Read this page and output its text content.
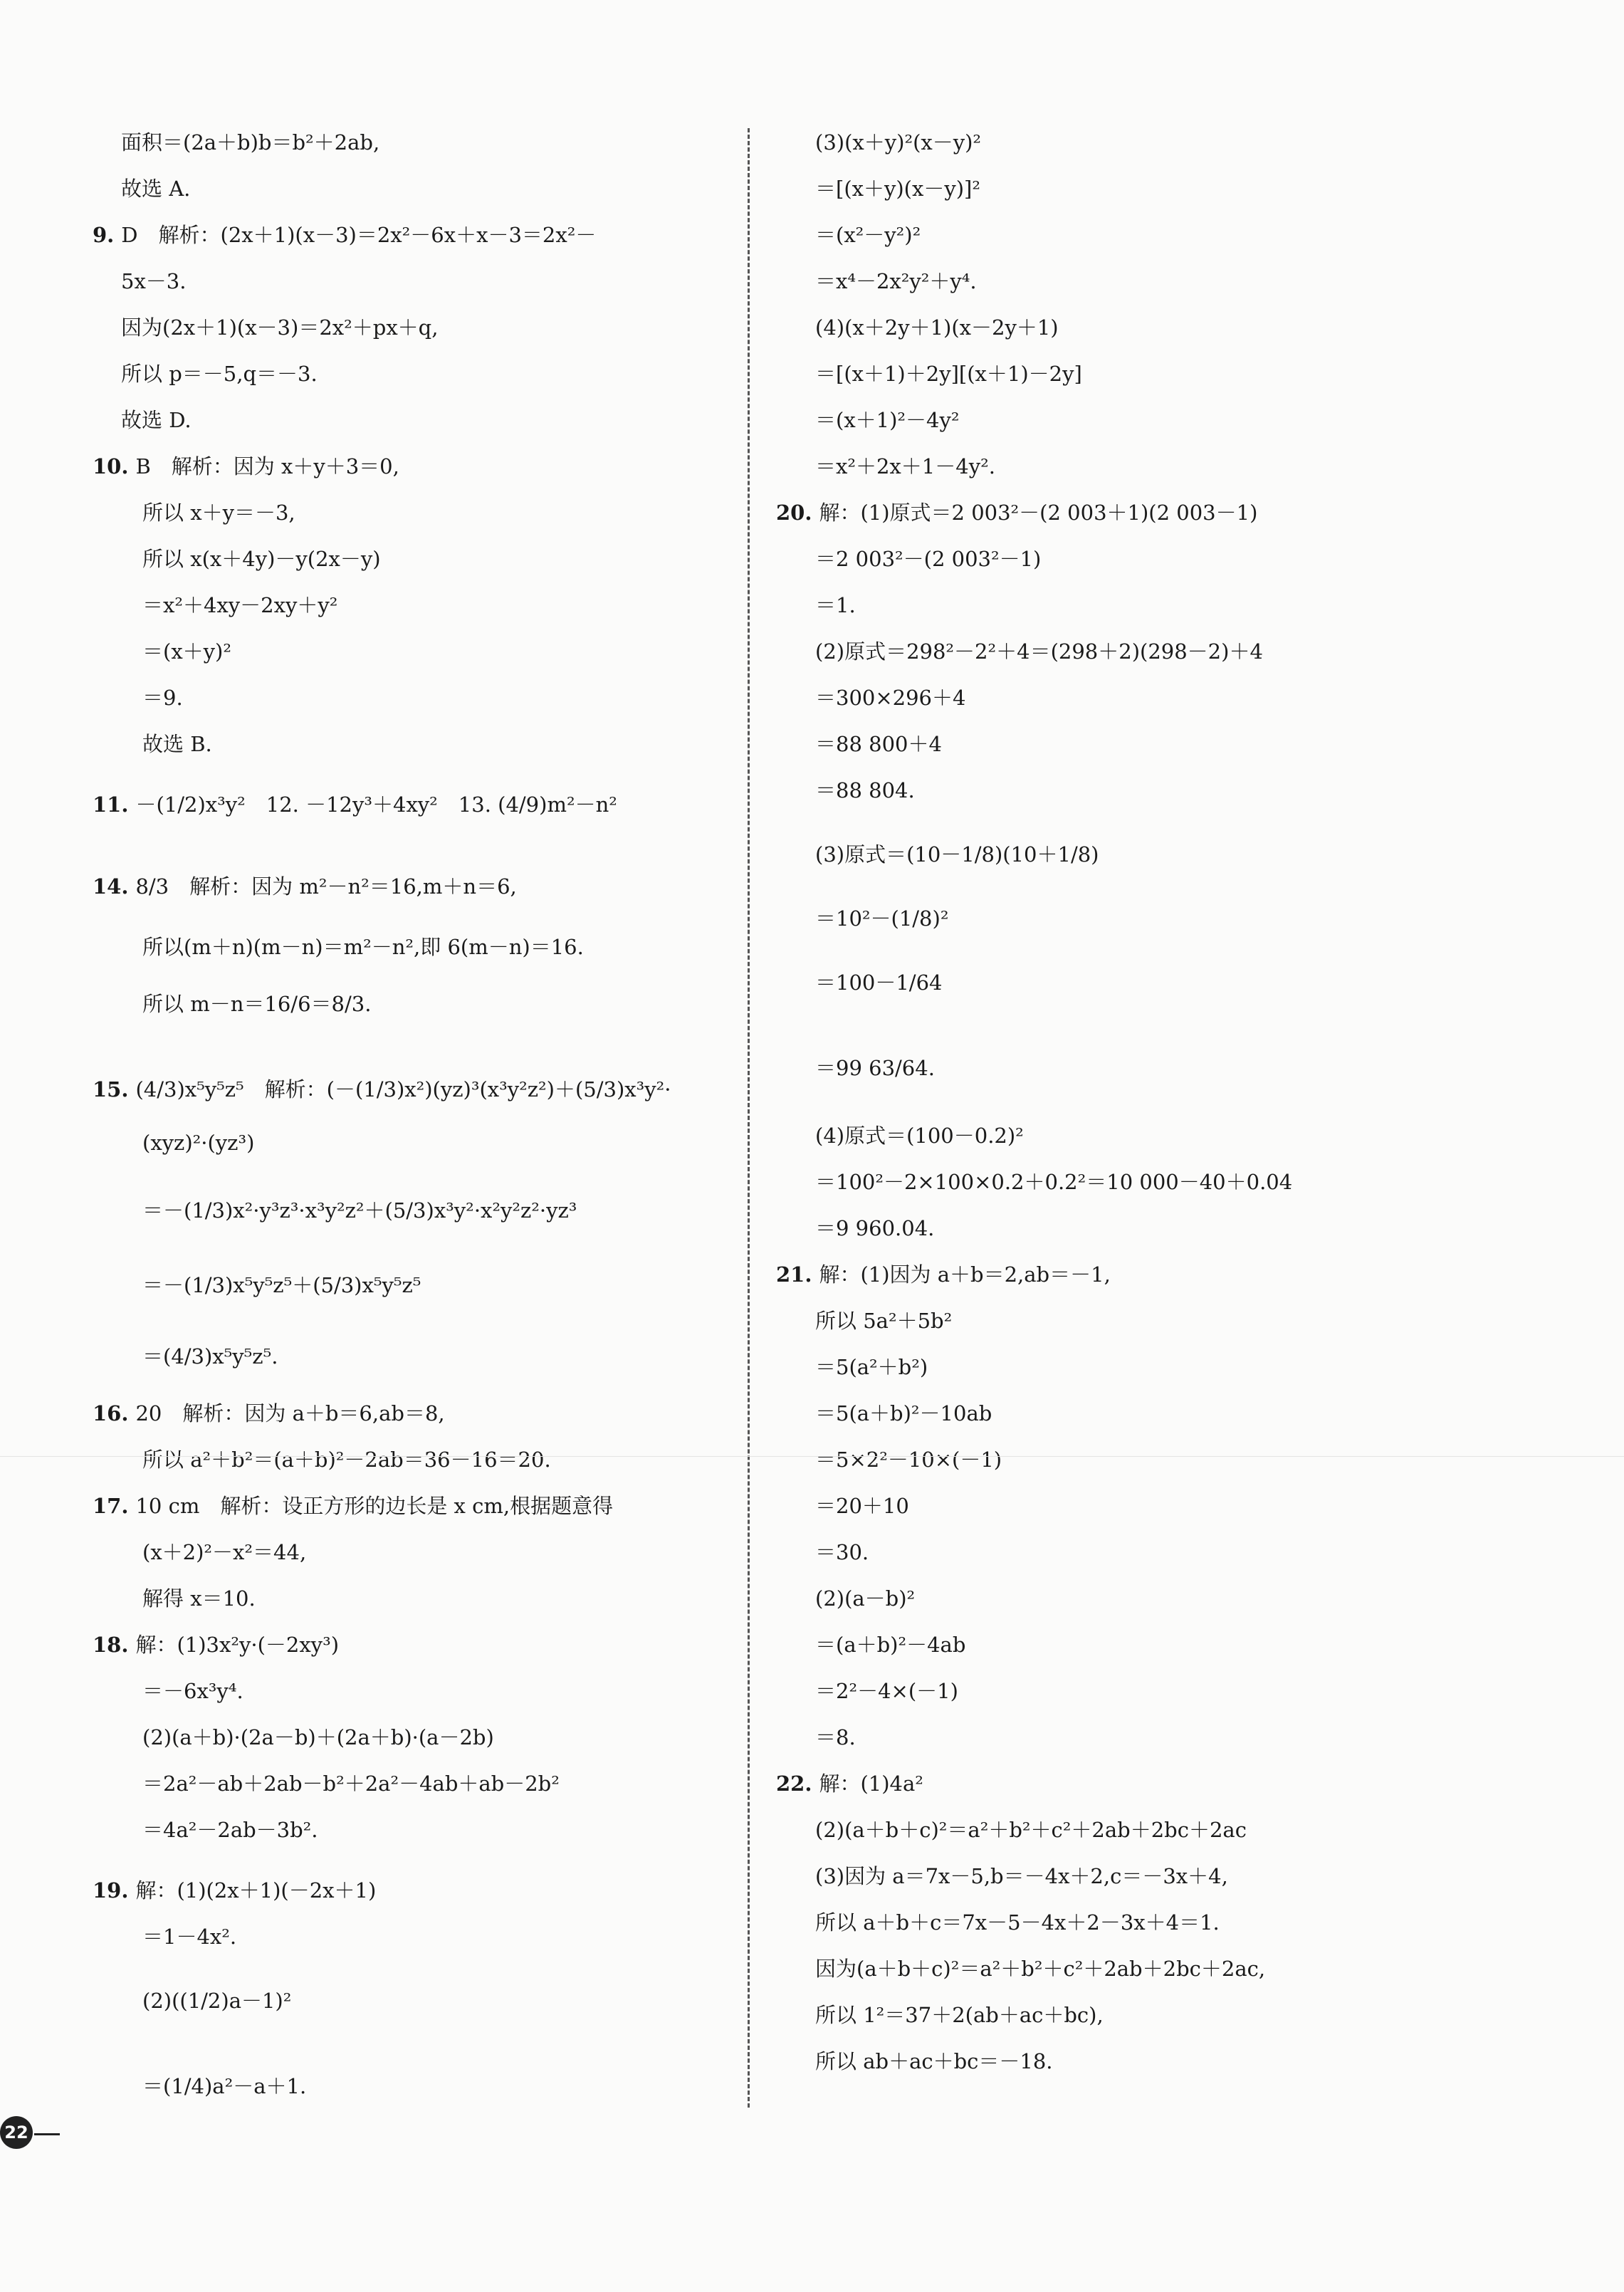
面积＝(2a＋b)b＝b²＋2ab,
故选 A.
9. D　解析：(2x＋1)(x－3)＝2x²－6x＋x－3＝2x²－
5x－3.
因为(2x＋1)(x－3)＝2x²＋px＋q,
所以 p＝－5,q＝－3.
故选 D.
10. B　解析：因为 x＋y＋3＝0,
所以 x＋y＝－3,
所以 x(x＋4y)－y(2x－y)
＝x²＋4xy－2xy＋y²
＝(x＋y)²
＝9.
故选 B.
11. －(1/2)x³y²　12. －12y³＋4xy²　13. (4/9)m²－n²
14. 8/3　解析：因为 m²－n²＝16,m＋n＝6,
所以(m＋n)(m－n)＝m²－n²,即 6(m－n)＝16.
所以 m－n＝16/6＝8/3.
15. (4/3)x⁵y⁵z⁵　解析：(－(1/3)x²)(yz)³(x³y²z²)＋(5/3)x³y²·
(xyz)²·(yz³)
＝－(1/3)x²·y³z³·x³y²z²＋(5/3)x³y²·x²y²z²·yz³
＝－(1/3)x⁵y⁵z⁵＋(5/3)x⁵y⁵z⁵
＝(4/3)x⁵y⁵z⁵.
16. 20　解析：因为 a＋b＝6,ab＝8,
所以 a²＋b²＝(a＋b)²－2ab＝36－16＝20.
17. 10 cm　解析：设正方形的边长是 x cm,根据题意得
(x＋2)²－x²＝44,
解得 x＝10.
18. 解：(1)3x²y·(－2xy³)
＝－6x³y⁴.
(2)(a＋b)·(2a－b)＋(2a＋b)·(a－2b)
＝2a²－ab＋2ab－b²＋2a²－4ab＋ab－2b²
＝4a²－2ab－3b².
19. 解：(1)(2x＋1)(－2x＋1)
＝1－4x².
(2)((1/2)a－1)²
＝(1/4)a²－a＋1.
(3)(x＋y)²(x－y)²
＝[(x＋y)(x－y)]²
＝(x²－y²)²
＝x⁴－2x²y²＋y⁴.
(4)(x＋2y＋1)(x－2y＋1)
＝[(x＋1)＋2y][(x＋1)－2y]
＝(x＋1)²－4y²
＝x²＋2x＋1－4y².
20. 解：(1)原式＝2 003²－(2 003＋1)(2 003－1)
＝2 003²－(2 003²－1)
＝1.
(2)原式＝298²－2²＋4＝(298＋2)(298－2)＋4
＝300×296＋4
＝88 800＋4
＝88 804.
(3)原式＝(10－1/8)(10＋1/8)
＝10²－(1/8)²
＝100－1/64
＝99 63/64.
(4)原式＝(100－0.2)²
＝100²－2×100×0.2＋0.2²＝10 000－40＋0.04
＝9 960.04.
21. 解：(1)因为 a＋b＝2,ab＝－1,
所以 5a²＋5b²
＝5(a²＋b²)
＝5(a＋b)²－10ab
＝5×2²－10×(－1)
＝20＋10
＝30.
(2)(a－b)²
＝(a＋b)²－4ab
＝2²－4×(－1)
＝8.
22. 解：(1)4a²
(2)(a＋b＋c)²＝a²＋b²＋c²＋2ab＋2bc＋2ac
(3)因为 a＝7x－5,b＝－4x＋2,c＝－3x＋4,
所以 a＋b＋c＝7x－5－4x＋2－3x＋4＝1.
因为(a＋b＋c)²＝a²＋b²＋c²＋2ab＋2bc＋2ac,
所以 1²＝37＋2(ab＋ac＋bc),
所以 ab＋ac＋bc＝－18.
22
